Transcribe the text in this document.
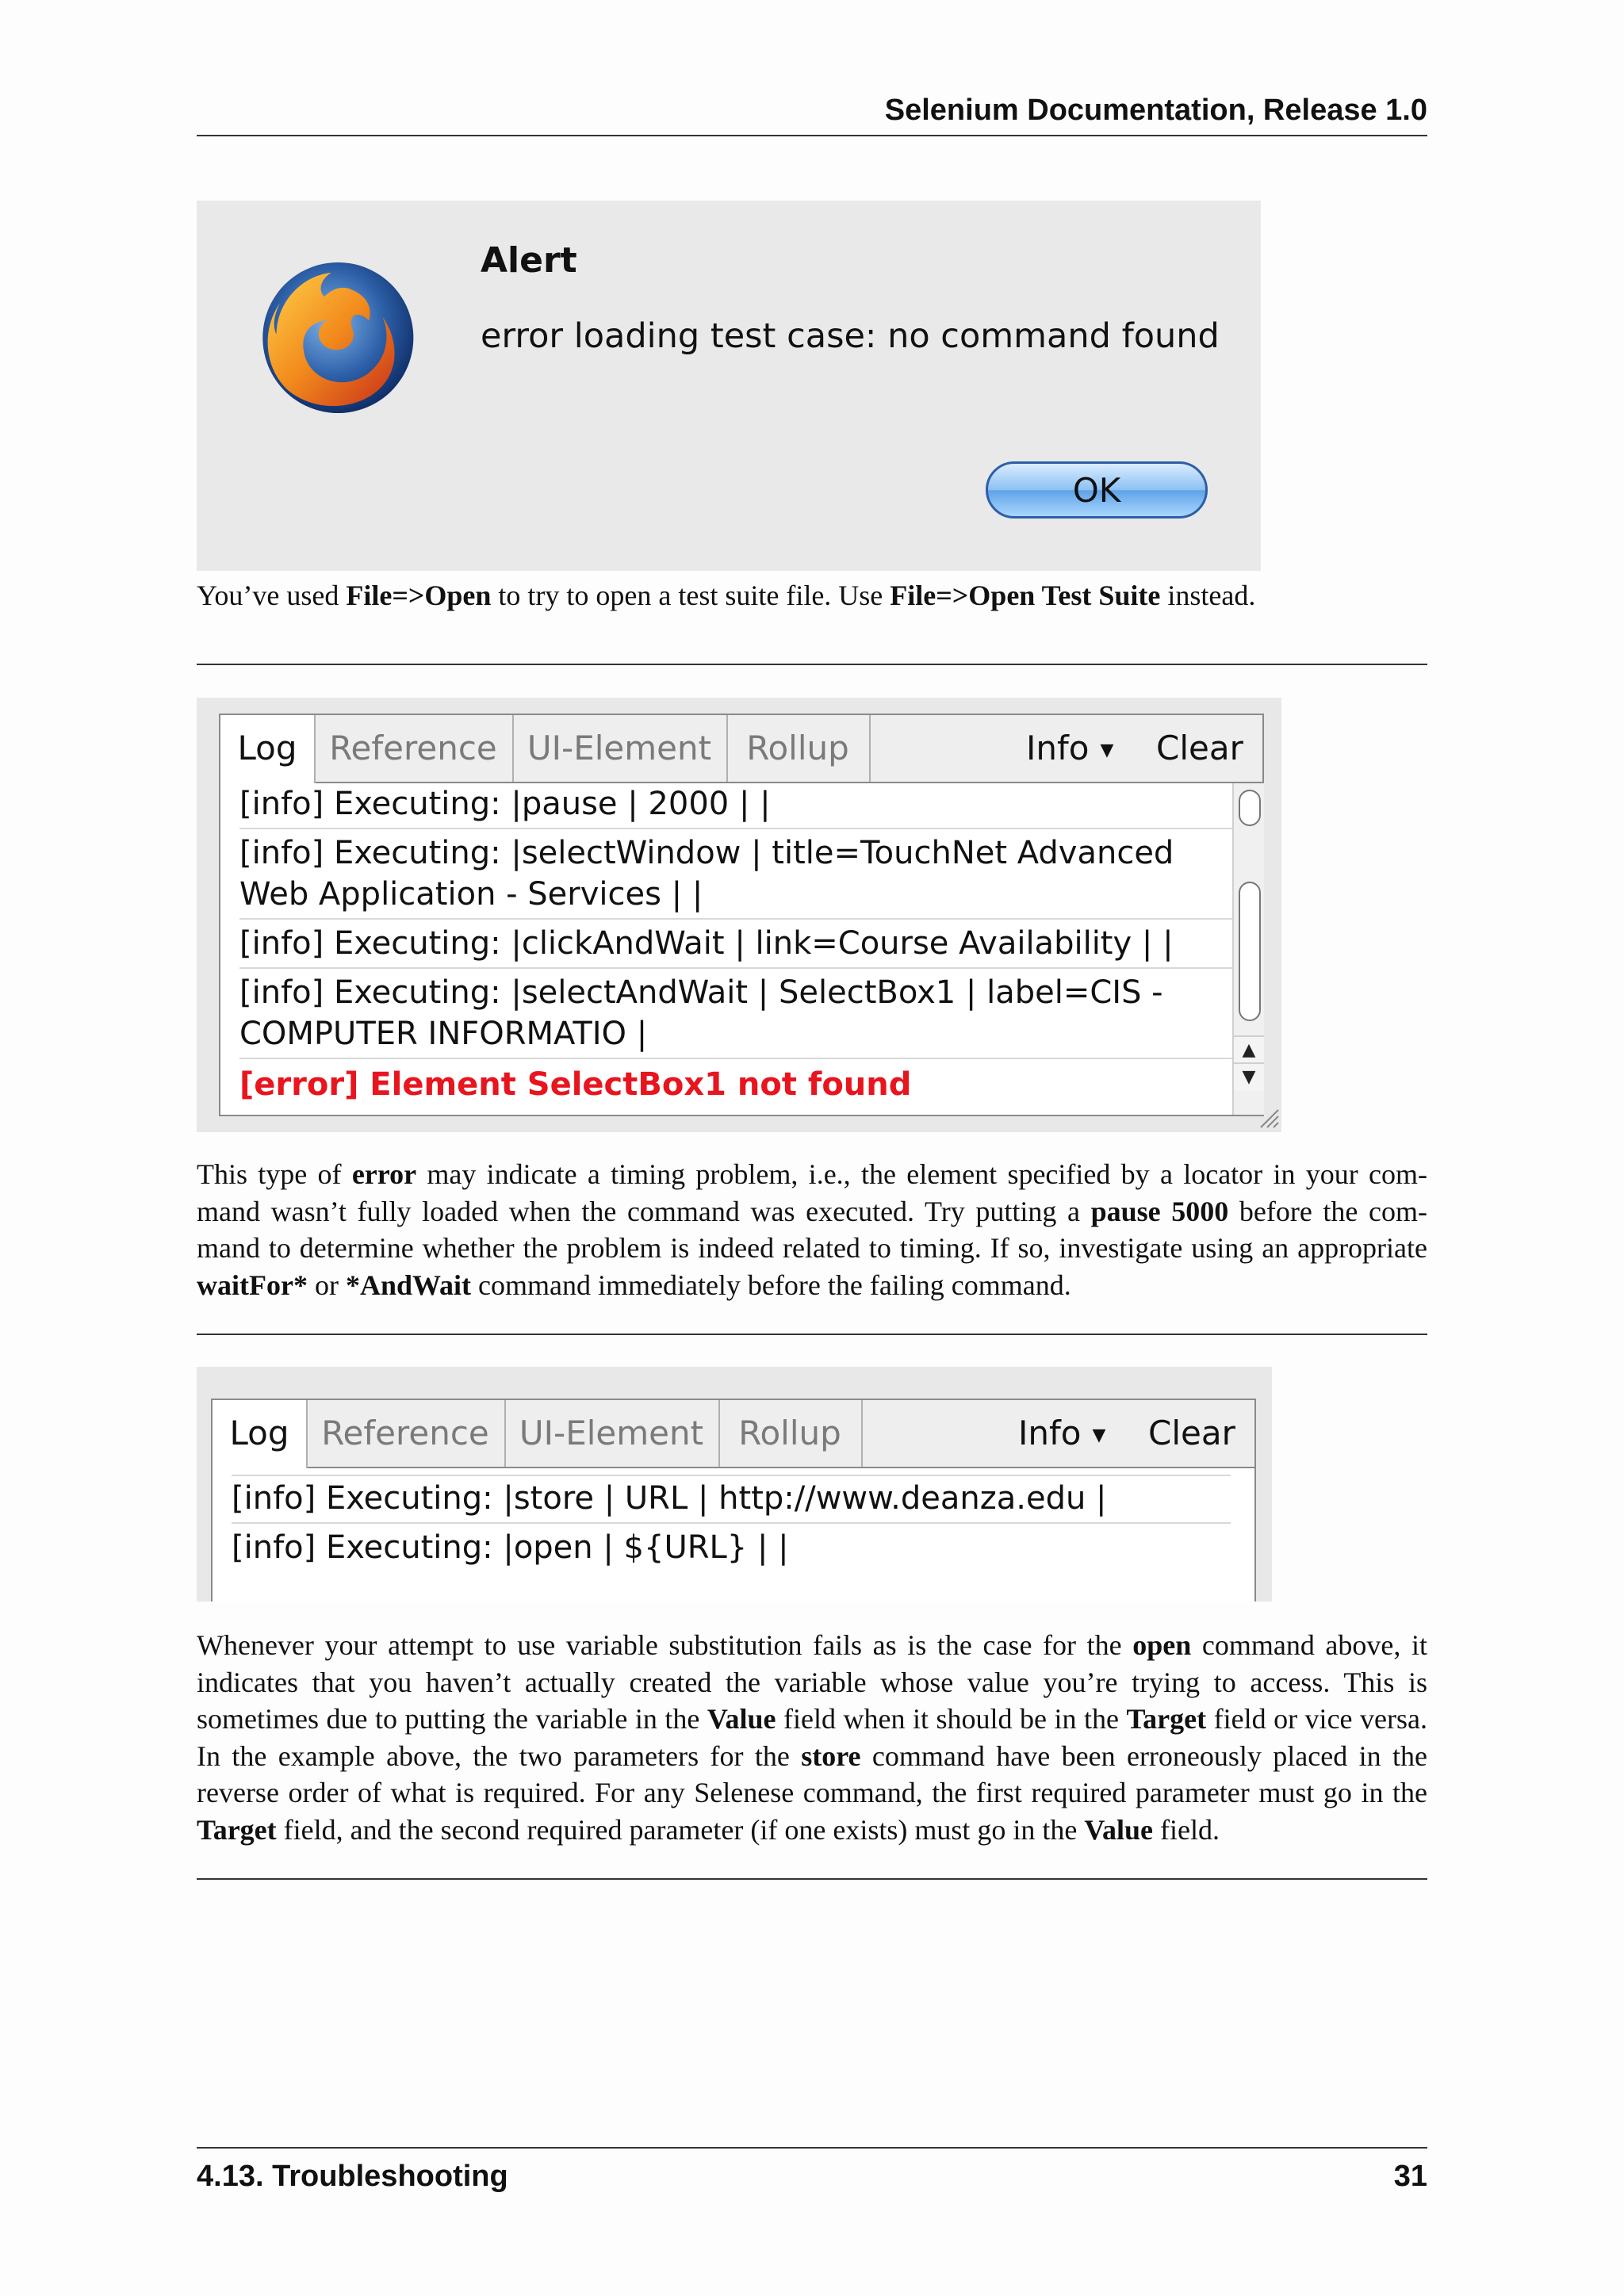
Selenium Documentation, Release 1.0
Alert
error loading test case: no command found
OK

You’ve used File=>Open to try to open a test suite file. Use File=>Open Test Suite instead.

Log Reference UI-Element	Rollup	Info ▼ Clear
[info] Executing: |pause | 2000 | |
[info] Executing: |selectWindow | title=TouchNet Advanced
Web Application - Services | |
[info] Executing: |clickAndWait | link=Course Availability | |
[info] Executing: |selectAndWait | SelectBox1 | label=CIS -
COMPUTER INFORMATIO |
[error] Element SelectBox1 not found
▲
▼

This type of error may indicate a timing problem, i.e., the element specified by a locator in your com-mand wasn’t fully loaded when the command was executed. Try putting a pause 5000 before the com-mand to determine whether the problem is indeed related to timing. If so, investigate using an appropriate waitFor* or *AndWait command immediately before the failing command.

Log Reference UI-Element	Rollup	Info ▼ Clear
[info] Executing: |store | URL | http://www.deanza.edu |
[info] Executing: |open | ${URL} | |

Whenever your attempt to use variable substitution fails as is the case for the open command above, it indicates that you haven’t actually created the variable whose value you’re trying to access. This is sometimes due to putting the variable in the Value field when it should be in the Target field or vice versa. In the example above, the two parameters for the store command have been erroneously placed in the reverse order of what is required. For any Selenese command, the first required parameter must go in the Target field, and the second required parameter (if one exists) must go in the Value field.

4.13. Troubleshooting	31
